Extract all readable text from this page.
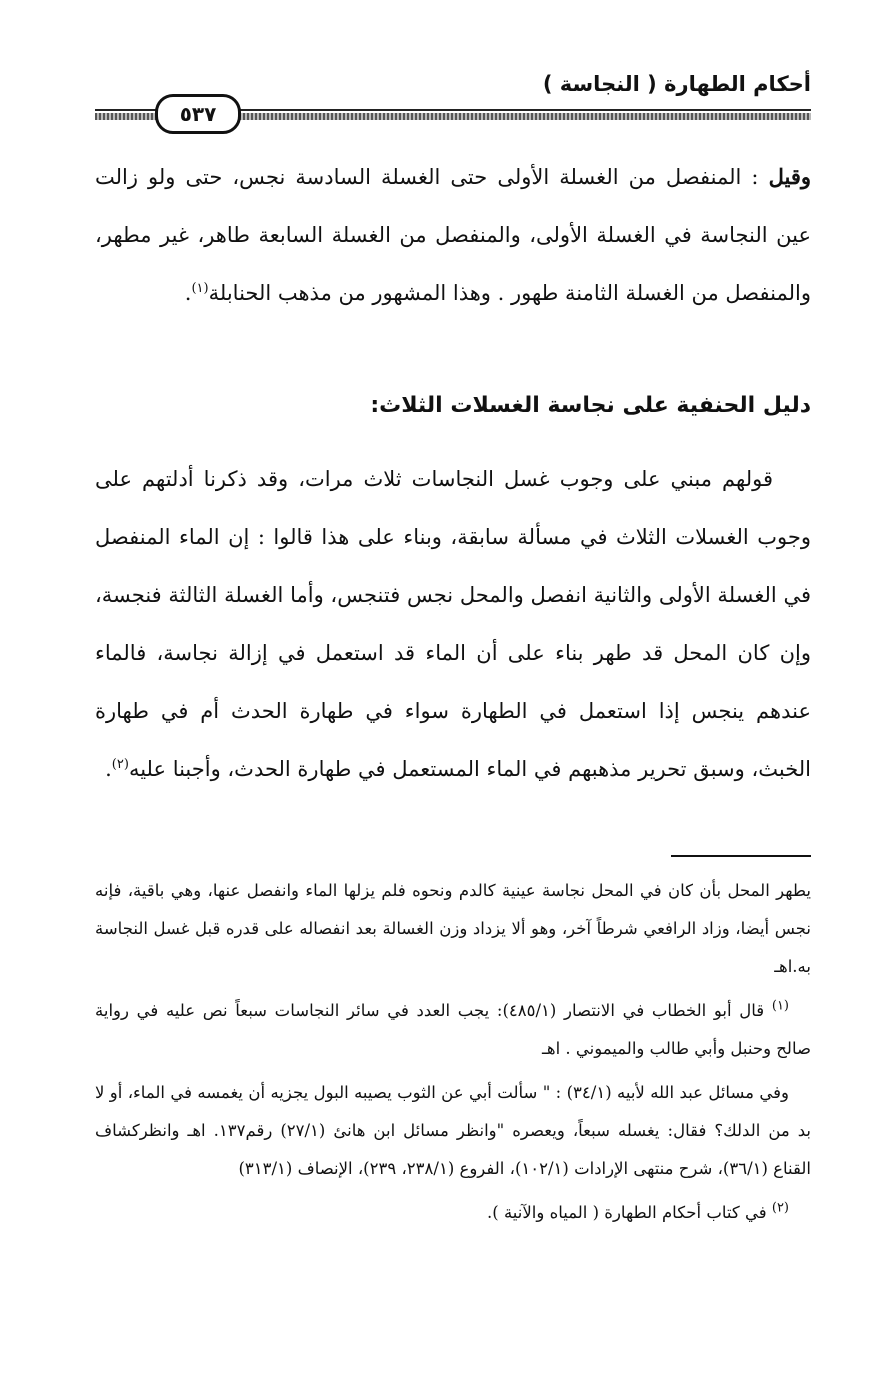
أحكام الطهارة ( النجاسة )
٥٣٧
وقيل : المنفصل من الغسلة الأولى حتى الغسلة السادسة نجس، حتى ولو زالت عين النجاسة في الغسلة الأولى، والمنفصل من الغسلة السابعة طاهر، غير مطهر، والمنفصل من الغسلة الثامنة طهور . وهذا المشهور من مذهب الحنابلة$^{(١)}$.
دليل الحنفية على نجاسة الغسلات الثلاث:
قولهم مبني على وجوب غسل النجاسات ثلاث مرات، وقد ذكرنا أدلتهم على وجوب الغسلات الثلاث في مسألة سابقة، وبناء على هذا قالوا : إن الماء المنفصل في الغسلة الأولى والثانية انفصل والمحل نجس فتنجس، وأما الغسلة الثالثة فنجسة، وإن كان المحل قد طهر بناء على أن الماء قد استعمل في إزالة نجاسة، فالماء عندهم ينجس إذا استعمل في الطهارة سواء في طهارة الحدث أم في طهارة الخبث، وسبق تحرير مذهبهم في الماء المستعمل في طهارة الحدث، وأجبنا عليه$^{(٢)}$.
يطهر المحل بأن كان في المحل نجاسة عينية كالدم ونحوه فلم يزلها الماء وانفصل عنها، وهي باقية، فإنه نجس أيضا، وزاد الرافعي شرطاً آخر، وهو ألا يزداد وزن الغسالة بعد انفصاله على قدره قبل غسل النجاسة به.اهـ
$^{(١)}$ قال أبو الخطاب في الانتصار (٤٨٥/١): يجب العدد في سائر النجاسات سبعاً نص عليه في رواية صالح وحنبل وأبي طالب والميموني . اهـ
وفي مسائل عبد الله لأبيه (٣٤/١) : " سألت أبي عن الثوب يصيبه البول يجزيه أن يغمسه في الماء، أو لا بد من الدلك؟ فقال: يغسله سبعاً، ويعصره "وانظر مسائل ابن هانئ (٢٧/١) رقم١٣٧. اهـ وانظركشاف القناع (٣٦/١)، شرح منتهى الإرادات (١٠٢/١)، الفروع (٢٣٨/١، ٢٣٩)، الإنصاف (٣١٣/١)
$^{(٢)}$ في كتاب أحكام الطهارة ( المياه والآنية ).
